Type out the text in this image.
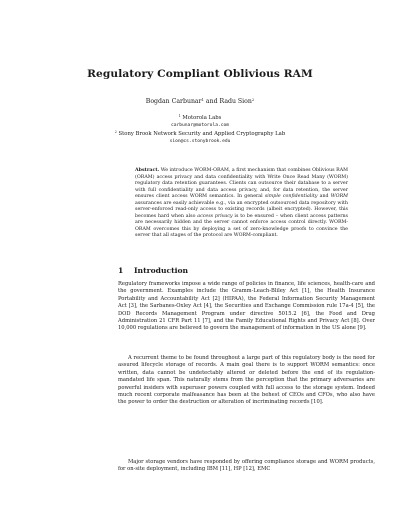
Regulatory Compliant Oblivious RAM
Bogdan Carbunar$^1$ and Radu Sion$^2$
$^1$ Motorola Labs
carbunar@motorola.com
$^2$ Stony Brook Network Security and Applied Cryptography Lab
sion@cs.stonybrook.edu
Abstract. We introduce WORM-ORAM, a first mechanism that combines Oblivious RAM (ORAM) access privacy and data confidentiality with Write Once Read Many (WORM) regulatory data retention guarantees. Clients can outsource their database to a server with full confidentiality and data access privacy, and, for data retention, the server ensures client access WORM semantics. In general simple confidentiality and WORM assurances are easily achievable e.g., via an encrypted outsourced data repository with server-enforced read-only access to existing records (albeit encrypted). However, this becomes hard when also access privacy is to be ensured – when client access patterns are necessarily hidden and the server cannot enforce access control directly. WORM-ORAM overcomes this by deploying a set of zero-knowledge proofs to convince the server that all stages of the protocol are WORM-compliant.
1 Introduction
Regulatory frameworks impose a wide range of policies in finance, life sciences, health-care and the government. Examples include the Gramm-Leach-Bliley Act [1], the Health Insurance Portability and Accountability Act [2] (HIPAA), the Federal Information Security Management Act [3], the Sarbanes-Oxley Act [4], the Securities and Exchange Commission rule 17a-4 [5], the DOD Records Management Program under directive 5015.2 [6], the Food and Drug Administration 21 CFR Part 11 [7], and the Family Educational Rights and Privacy Act [8]. Over 10,000 regulations are believed to govern the management of information in the US alone [9].
A recurrent theme to be found throughout a large part of this regulatory body is the need for assured lifecycle storage of records. A main goal there is to support WORM semantics: once written, data cannot be undetectably altered or deleted before the end of its regulation-mandated life span. This naturally stems from the perception that the primary adversaries are powerful insiders with superuser powers coupled with full access to the storage system. Indeed much recent corporate malfeasance has been at the behest of CEOs and CFOs, who also have the power to order the destruction or alteration of incriminating records [10].
Major storage vendors have responded by offering compliance storage and WORM products, for on-site deployment, including IBM [11], HP [12], EMC
